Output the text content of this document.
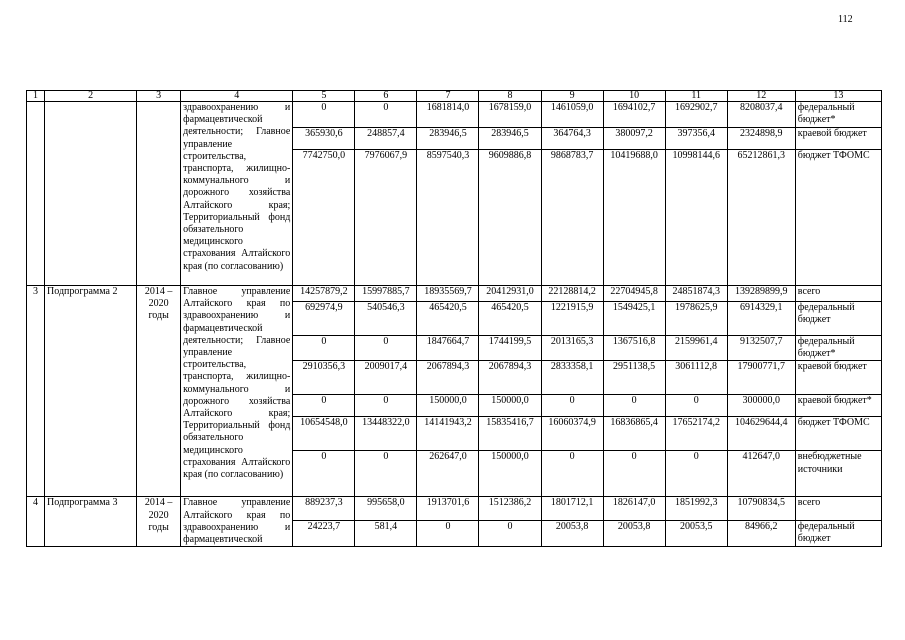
112
1	2	3	4	5	6	7	8	9	10	11	12	13
			здравоохранению и фармацевтической деятельности; Главное управление строительства, транспорта, жилищно-коммунального и дорожного хозяйства Алтайского края; Территориальный фонд обязательного медицинского страхования Алтайского края (по согласованию)	0	0	1681814,0	1678159,0	1461059,0	1694102,7	1692902,7	8208037,4	федеральный бюджет*
				365930,6	248857,4	283946,5	283946,5	364764,3	380097,2	397356,4	2324898,9	краевой бюджет
				7742750,0	7976067,9	8597540,3	9609886,8	9868783,7	10419688,0	10998144,6	65212861,3	бюджет ТФОМС
3	Подпрограмма 2	2014 – 2020 годы	Главное управление Алтайского края по здравоохранению и фармацевтической деятельности; Главное управление строительства, транспорта, жилищно-коммунального и дорожного хозяйства Алтайского края; Территориальный фонд обязательного медицинского страхования Алтайского края (по согласованию)	14257879,2	15997885,7	18935569,7	20412931,0	22128814,2	22704945,8	24851874,3	139289899,9	всего
				692974,9	540546,3	465420,5	465420,5	1221915,9	1549425,1	1978625,9	6914329,1	федеральный бюджет
				0	0	1847664,7	1744199,5	2013165,3	1367516,8	2159961,4	9132507,7	федеральный бюджет*
				2910356,3	2009017,4	2067894,3	2067894,3	2833358,1	2951138,5	3061112,8	17900771,7	краевой бюджет
				0	0	150000,0	150000,0	0	0	0	300000,0	краевой бюджет*
				10654548,0	13448322,0	14141943,2	15835416,7	16060374,9	16836865,4	17652174,2	104629644,4	бюджет ТФОМС
				0	0	262647,0	150000,0	0	0	0	412647,0	внебюджетные источники
4	Подпрограмма 3	2014 – 2020 годы	Главное управление Алтайского края по здравоохранению и фармацевтической	889237,3	995658,0	1913701,6	1512386,2	1801712,1	1826147,0	1851992,3	10790834,5	всего
				24223,7	581,4	0	0	20053,8	20053,8	20053,5	84966,2	федеральный бюджет
